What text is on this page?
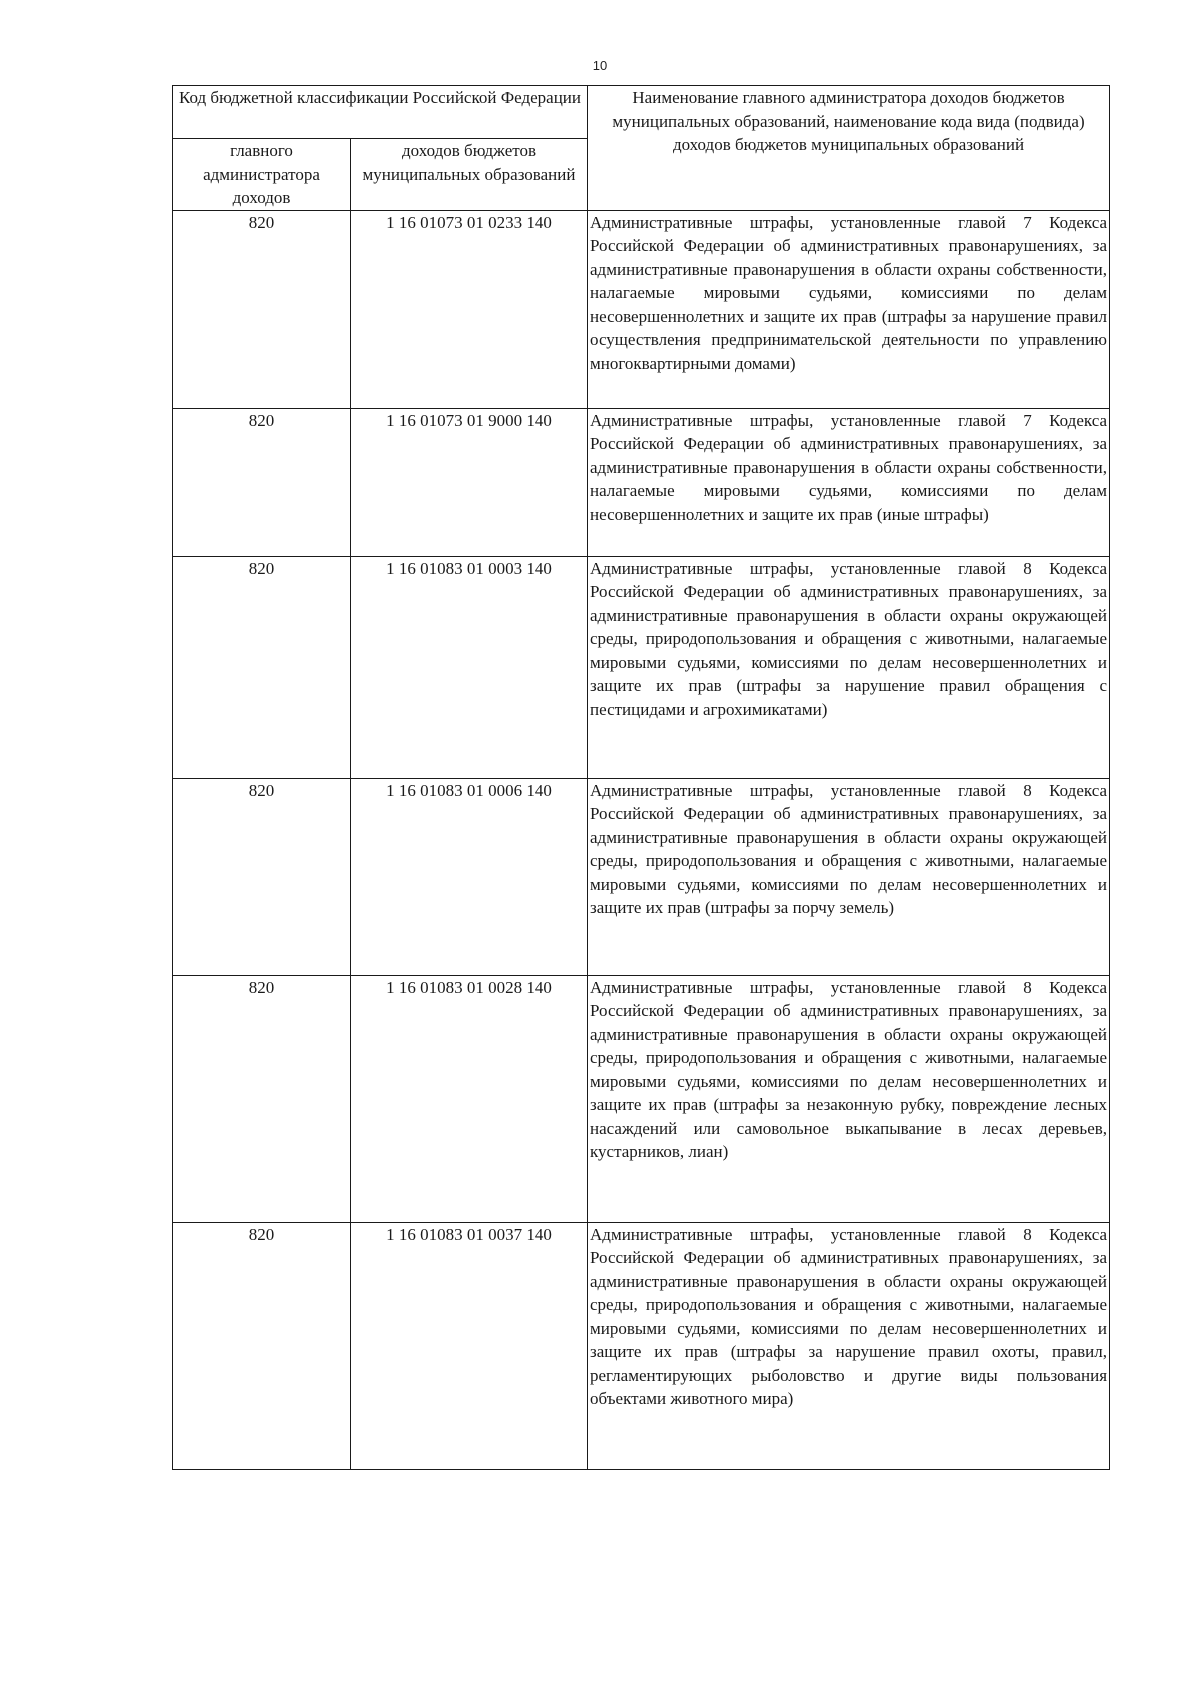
10
Код бюджетной классификации Российской Федерации		Наименование главного администратора доходов бюджетов муниципальных образований, наименование кода вида (подвида) доходов бюджетов муниципальных образований
главного администратора доходов	доходов бюджетов муниципальных образований	
820	1 16 01073 01 0233 140	Административные штрафы, установленные главой 7 Кодекса Российской Федерации об административных правонарушениях, за административные правонарушения в области охраны собственности, налагаемые мировыми судьями, комиссиями по делам несовершеннолетних и защите их прав (штрафы за нарушение правил осуществления предпринимательской деятельности по управлению многоквартирными домами)
820	1 16 01073 01 9000 140	Административные штрафы, установленные главой 7 Кодекса Российской Федерации об административных правонарушениях, за административные правонарушения в области охраны собственности, налагаемые мировыми судьями, комиссиями по делам несовершеннолетних и защите их прав (иные штрафы)
820	1 16 01083 01 0003 140	Административные штрафы, установленные главой 8 Кодекса Российской Федерации об административных правонарушениях, за административные правонарушения в области охраны окружающей среды, природопользования и обращения с животными, налагаемые мировыми судьями, комиссиями по делам несовершеннолетних и защите их прав (штрафы за нарушение правил обращения с пестицидами и агрохимикатами)
820	1 16 01083 01 0006 140	Административные штрафы, установленные главой 8 Кодекса Российской Федерации об административных правонарушениях, за административные правонарушения в области охраны окружающей среды, природопользования и обращения с животными, налагаемые мировыми судьями, комиссиями по делам несовершеннолетних и защите их прав (штрафы за порчу земель)
820	1 16 01083 01 0028 140	Административные штрафы, установленные главой 8 Кодекса Российской Федерации об административных правонарушениях, за административные правонарушения в области охраны окружающей среды, природопользования и обращения с животными, налагаемые мировыми судьями, комиссиями по делам несовершеннолетних и защите их прав (штрафы за незаконную рубку, повреждение лесных насаждений или самовольное выкапывание в лесах деревьев, кустарников, лиан)
820	1 16 01083 01 0037 140	Административные штрафы, установленные главой 8 Кодекса Российской Федерации об административных правонарушениях, за административные правонарушения в области охраны окружающей среды, природопользования и обращения с животными, налагаемые мировыми судьями, комиссиями по делам несовершеннолетних и защите их прав (штрафы за нарушение правил охоты, правил, регламентирующих рыболовство и другие виды пользования объектами животного мира)
